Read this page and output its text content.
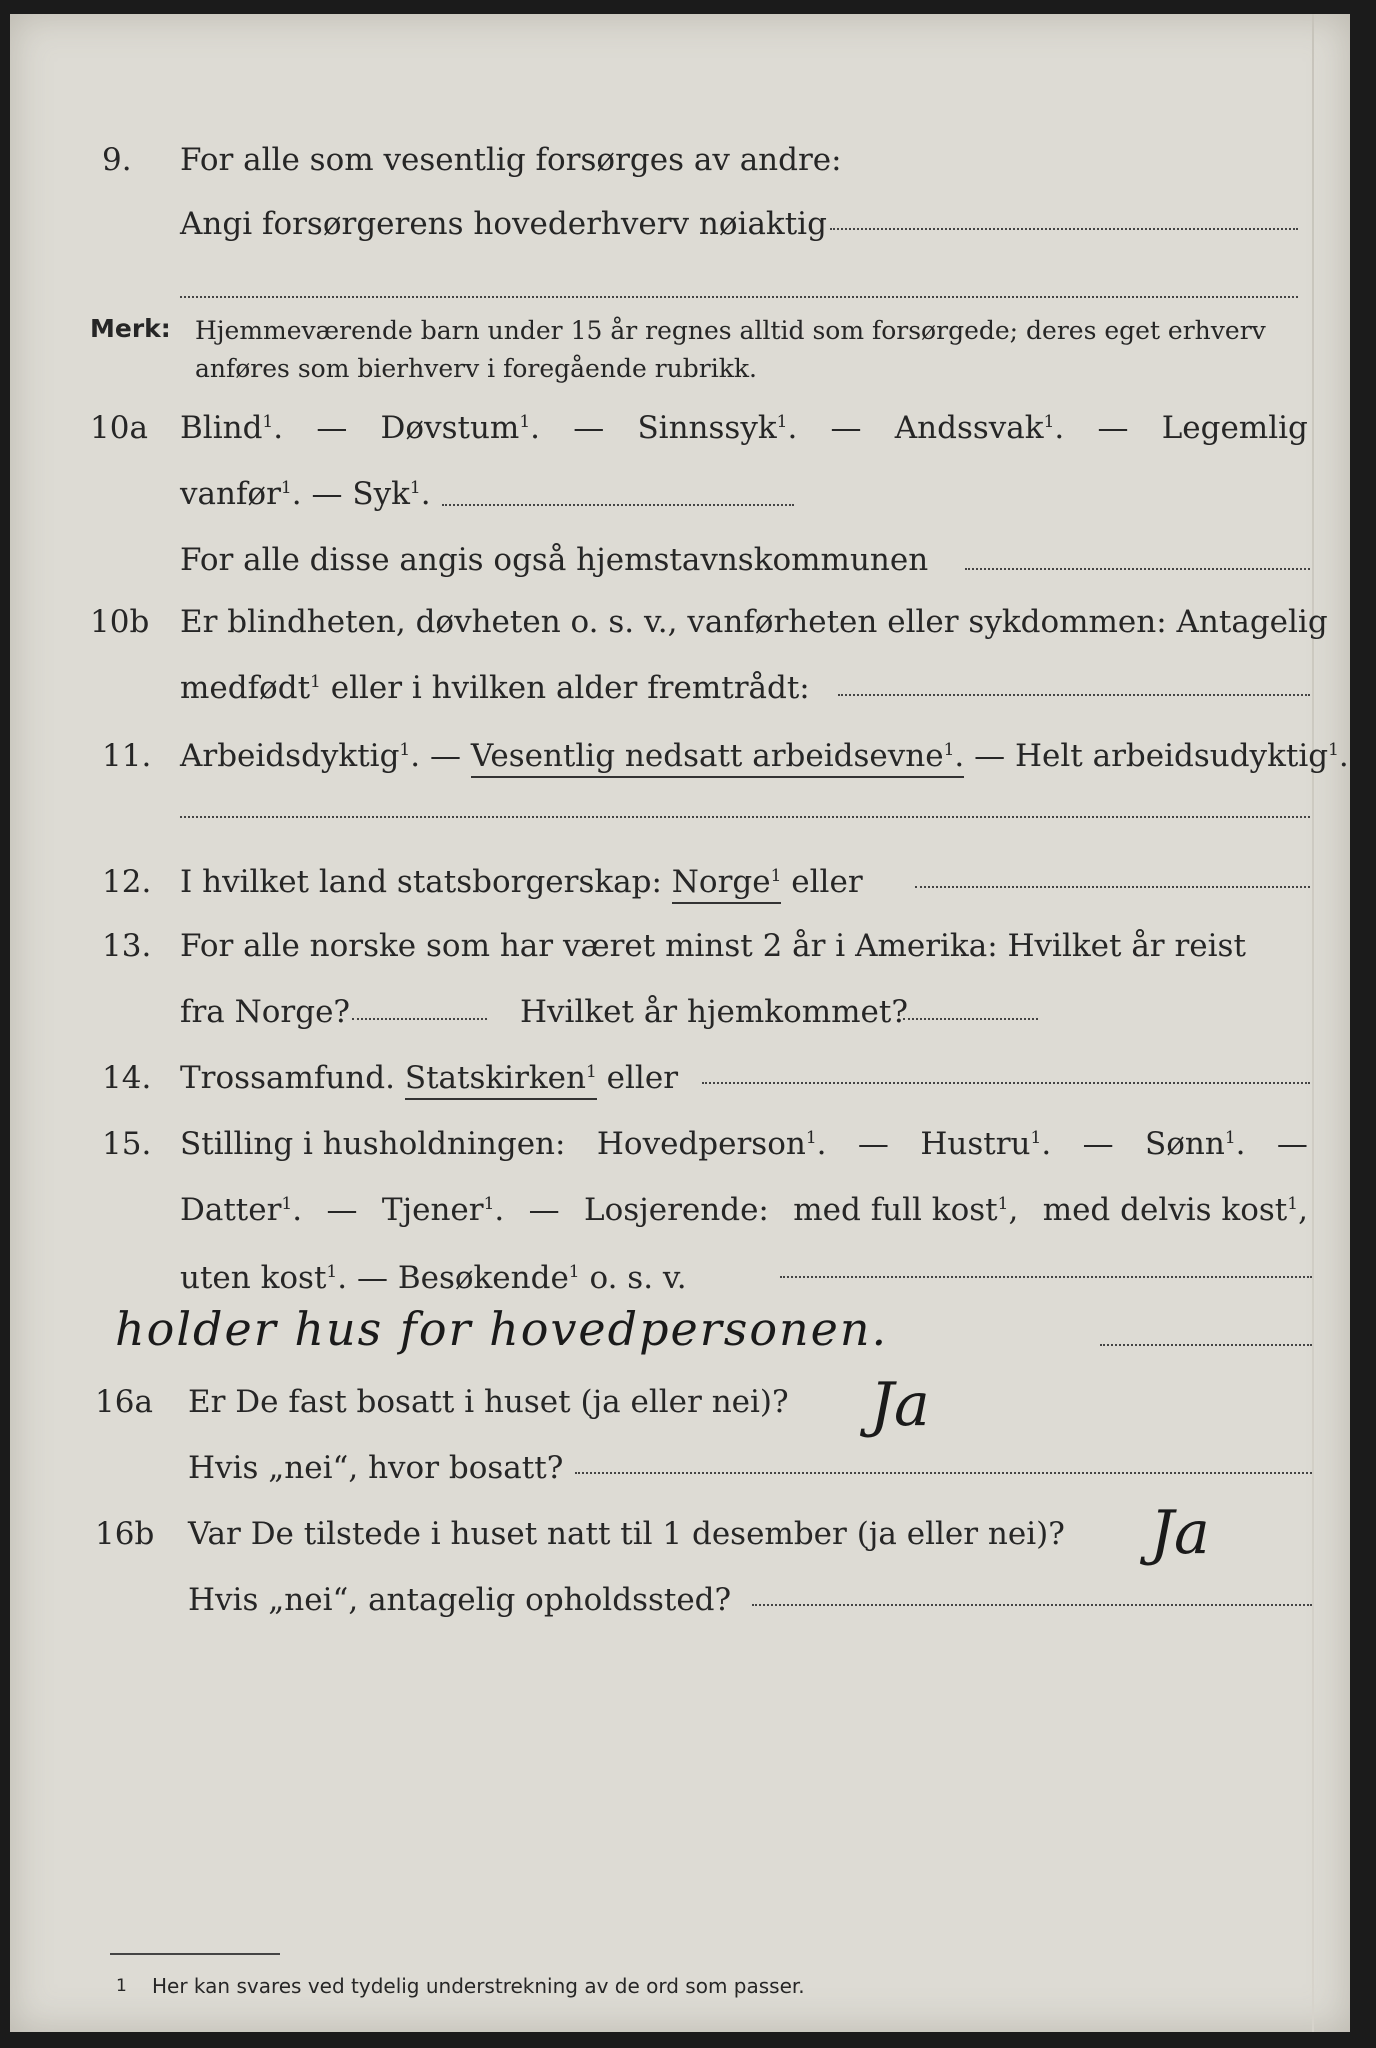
9. For alle som vesentlig forsørges av andre:
Angi forsørgerens hovederhverv nøiaktig
Merk: Hjemmeværende barn under 15 år regnes alltid som forsørgede; deres eget erhverv
anføres som bierhverv i foregående rubrikk.
10a Blind$^1$. — Døvstum$^1$. — Sinnssyk$^1$. — Andssvak$^1$. — Legemlig
vanfør$^1$. — Syk$^1$.
For alle disse angis også hjemstavnskommunen
10b Er blindheten, døvheten o. s. v., vanførheten eller sykdommen: Antagelig
medfødt$^1$ eller i hvilken alder fremtrådt:
11. Arbeidsdyktig$^1$. — Vesentlig nedsatt arbeidsevne$^1$. — Helt arbeidsudyktig$^1$.
12. I hvilket land statsborgerskap: Norge$^1$ eller
13. For alle norske som har været minst 2 år i Amerika: Hvilket år reist
fra Norge?	Hvilket år hjemkommet?
14. Trossamfund. Statskirken$^1$ eller
15. Stilling i husholdningen: Hovedperson$^1$. — Hustru$^1$. — Sønn$^1$. —
Datter$^1$. — Tjener$^1$. — Losjerende: med full kost$^1$, med delvis kost$^1$,
uten kost$^1$. — Besøkende$^1$ o. s. v.
holder hus for hovedpersonen.
16a Er De fast bosatt i huset (ja eller nei)? Ja
Hvis „nei“, hvor bosatt?
16b Var De tilstede i huset natt til 1 desember (ja eller nei)? Ja
Hvis „nei“, antagelig opholdssted?
1 Her kan svares ved tydelig understrekning av de ord som passer.
